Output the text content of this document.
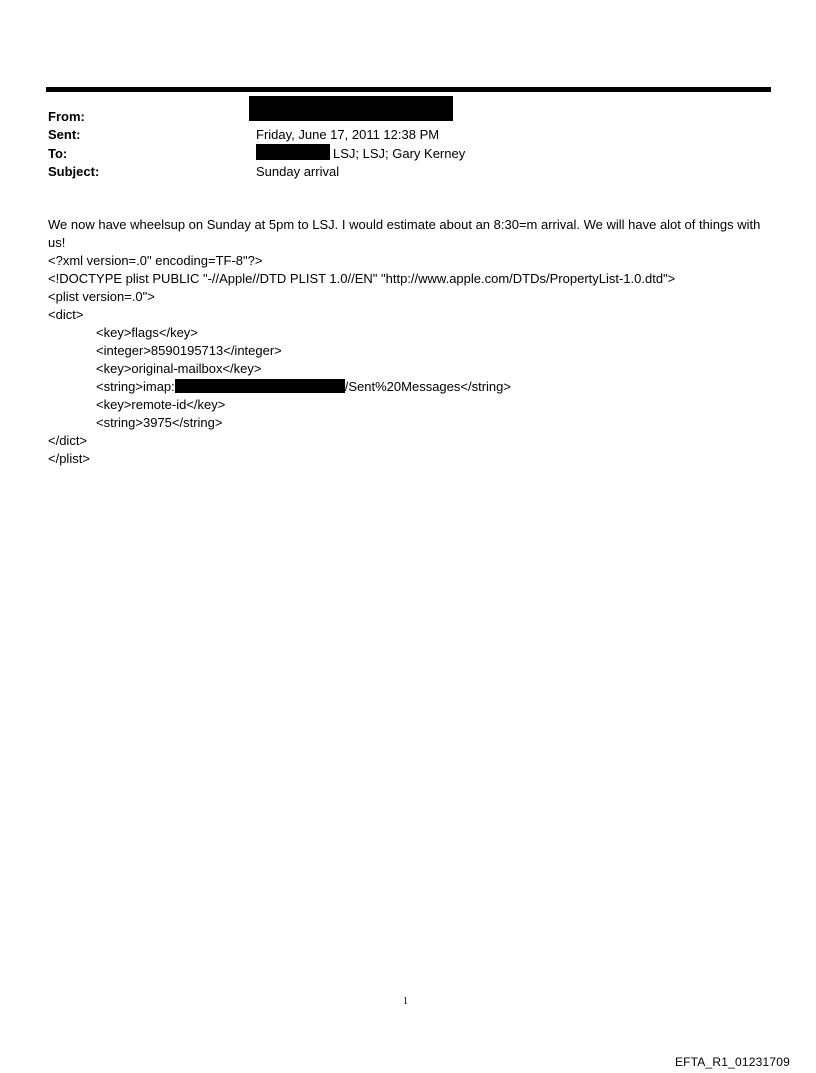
From:
Sent:	Friday, June 17, 2011 12:38 PM
To:	LSJ; LSJ; Gary Kerney
Subject:	Sunday arrival
We now have wheelsup on Sunday at 5pm to LSJ. I would estimate about an 8:30=m arrival. We will have alot of things with us!
<?xml version=.0" encoding=TF-8"?>
<!DOCTYPE plist PUBLIC "-//Apple//DTD PLIST 1.0//EN" "http://www.apple.com/DTDs/PropertyList-1.0.dtd">
<plist version=.0">
<dict>
<key>flags</key>
<integer>8590195713</integer>
<key>original-mailbox</key>
<string>imap:	/Sent%20Messages</string>
<key>remote-id</key>
<string>3975</string>
</dict>
</plist>
1
EFTA_R1_01231709
